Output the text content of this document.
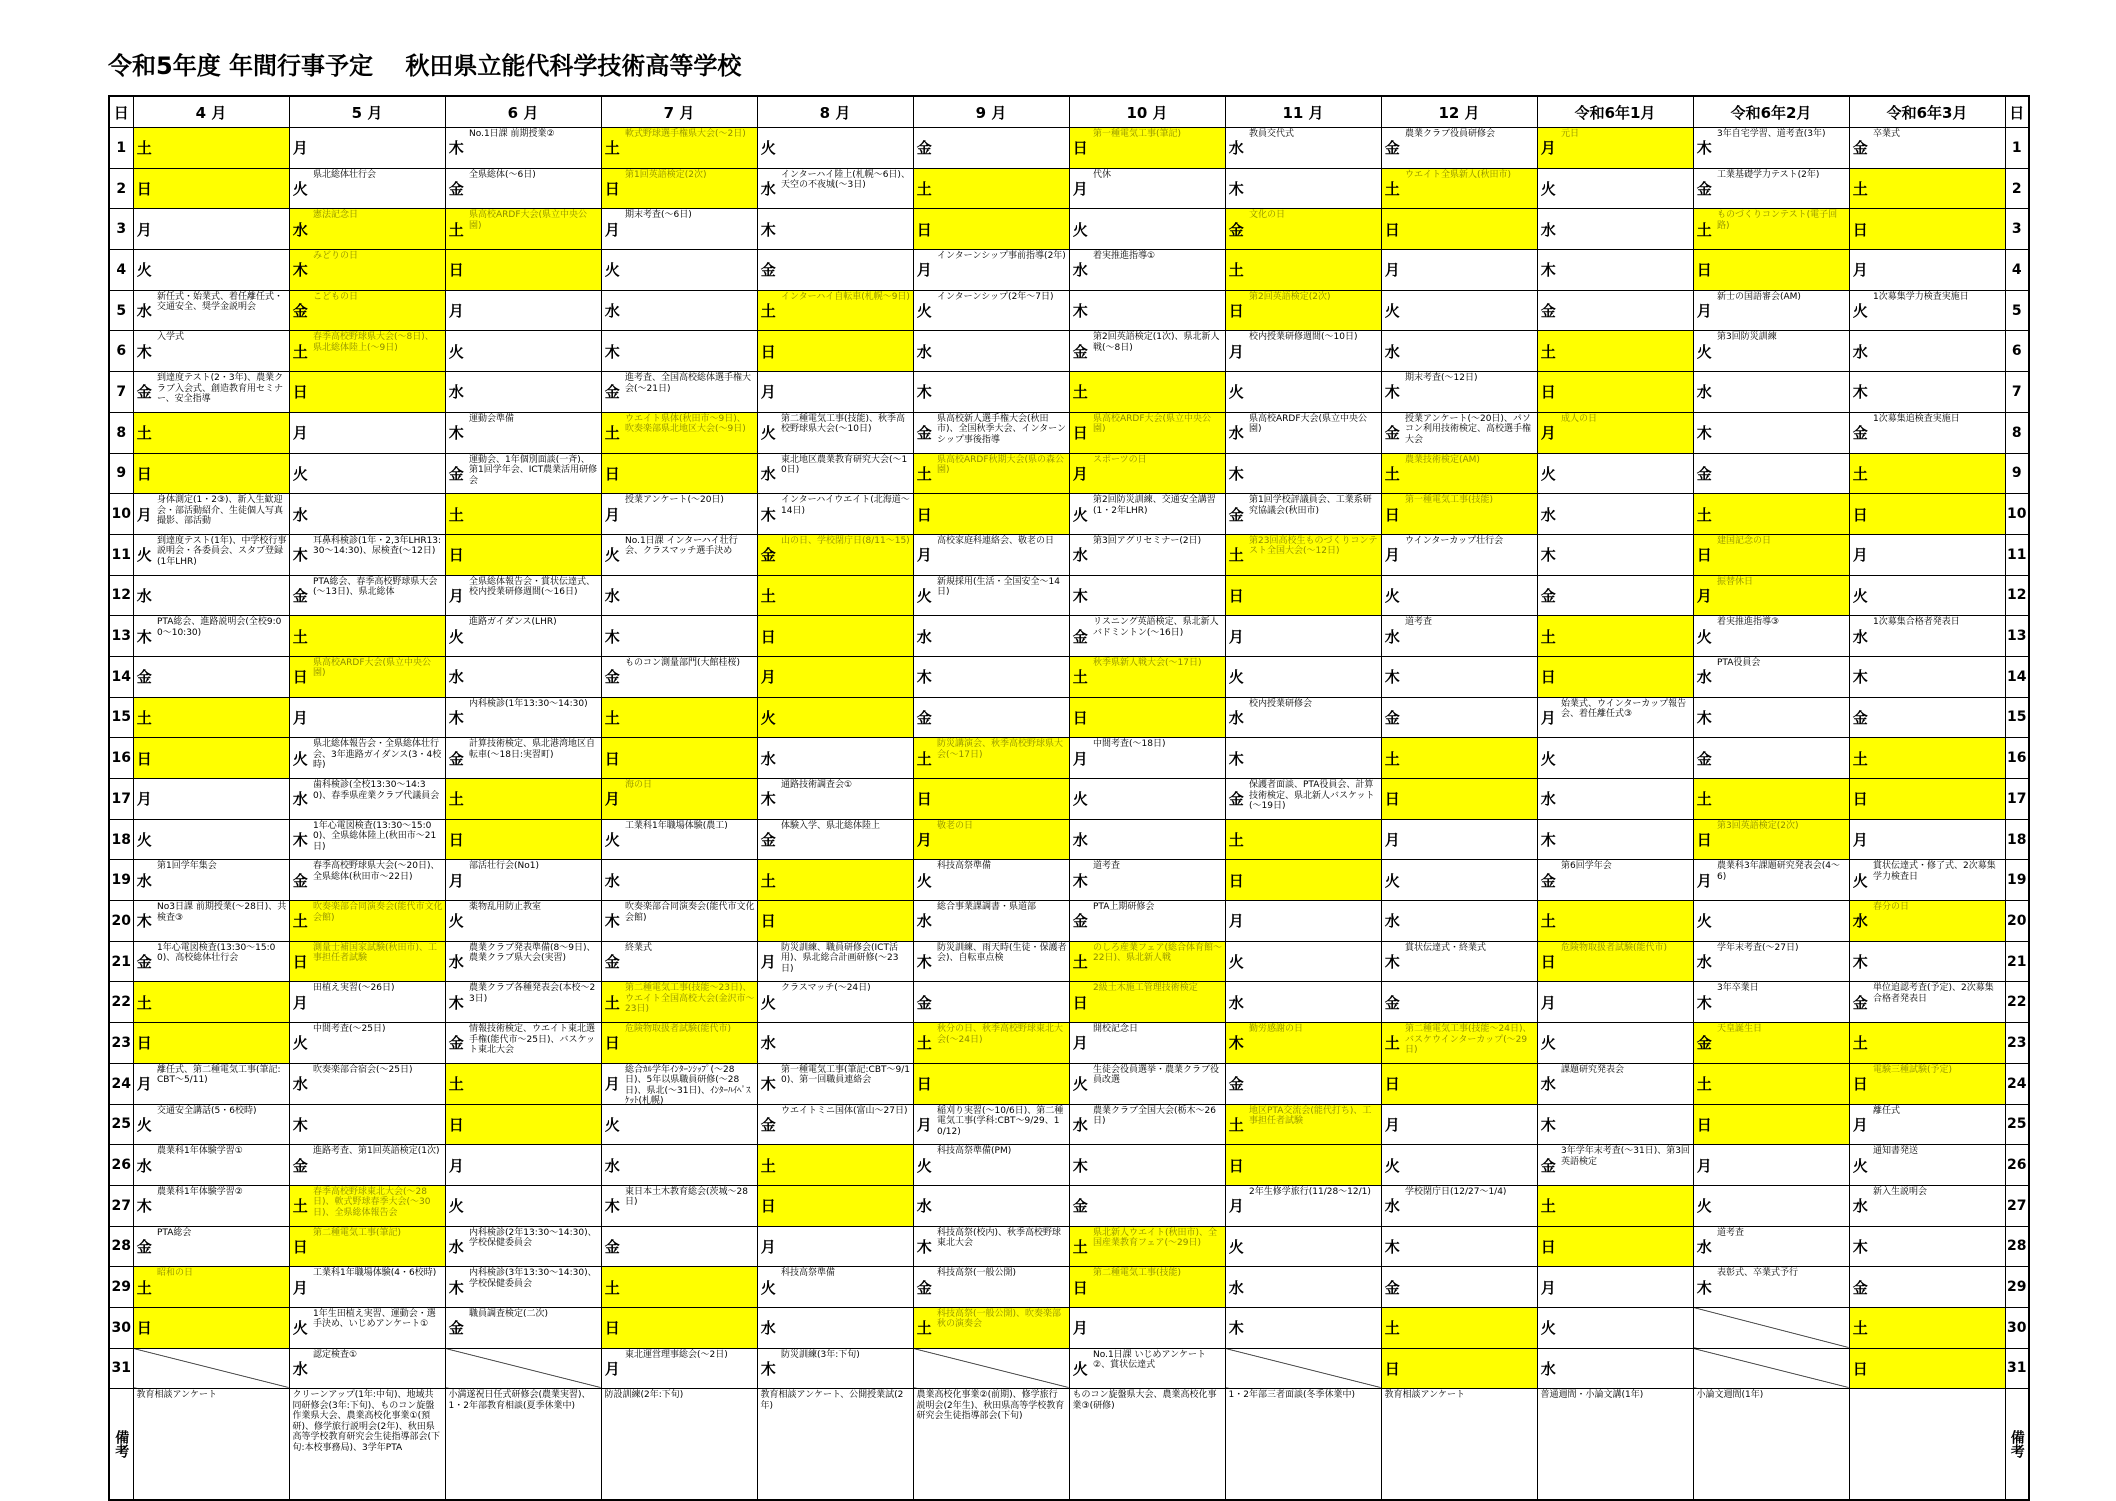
令和5年度 年間行事予定　 秋田県立能代科学技術高等学校
日	4 月		5 月		6 月		7 月		8 月		9 月		10 月		11 月		12 月		令和6年1月		令和6年2月		令和6年3月		日
1	土		月		木	No.1日課 前期授業②	土	軟式野球選手権県大会(～2日)	火		金		日	第一種電気工事(筆記)	水	教員交代式	金	農業クラブ役員研修会	月	元日	木	3年自宅学習、道考査(3年)	金	卒業式	1
2	日		火	県北総体壮行会	金	全県総体(～6日)	日	第1回英語検定(2次)	水	インターハイ陸上(札幌～6日)、天空の不夜城(～3日)	土		月	代休	木		土	ウエイト全県新人(秋田市)	火		金	工業基礎学力テスト(2年)	土		2
3	月		水	憲法記念日	土	県高校ARDF大会(県立中央公園)	月	期末考査(～6日)	木		日		火		金	文化の日	日		水		土	ものづくりコンテスト(電子回路)	日		3
4	火		木	みどりの日	日		火		金		月	インターンシップ事前指導(2年)	水	着実推進指導①	土		月		木		日		月		4
5	水	新任式・始業式、着任離任式・交通安全、奨学金説明会	金	こどもの日	月		水		土	インターハイ自転車(札幌～9日)	火	インターンシップ(2年～7日)	木		日	第2回英語検定(2次)	火		金		月	新士の国語審会(AM)	火	1次募集学力検査実施日	5
6	木	入学式	土	春季高校野球県大会(～8日)、県北総体陸上(～9日)	火		木		日		水		金	第2回英語検定(1次)、県北新人戦(～8日)	月	校内授業研修週間(～10日)	水		土		火	第3回防災訓練	水		6
7	金	到達度テスト(2・3年)、農業クラブ入会式、創造教育用セミナー、安全指導	日		水		金	進考査、全国高校総体選手権大会(～21日)	月		木		土		火		木	期末考査(～12日)	日		水		木		7
8	土		月		木	運動会準備	土	ウエイト県体(秋田市～9日)、吹奏楽部県北地区大会(～9日)	火	第二種電気工事(技能)、秋季高校野球県大会(～10日)	金	県高校新人選手権大会(秋田市)、全国秋季大会、インターンシップ事後指導	日	県高校ARDF大会(県立中央公園)	水	県高校ARDF大会(県立中央公園)	金	授業アンケート(～20日)、パソコン利用技術検定、高校選手権大会	月	成人の日	木		金	1次募集追検査実施日	8
9	日		火		金	運動会、1年個別面談(一斉)、第1回学年会、ICT農業活用研修会	日		水	東北地区農業教育研究大会(～10日)	土	県高校ARDF秋期大会(県の森公園)	月	スポーツの日	木		土	農業技術検定(AM)	火		金		土		9
10	月	身体測定(1・2③)、新入生歓迎会・部活動紹介、生徒個人写真撮影、部活動	水		土		月	授業アンケート(～20日)	木	インターハイウエイト(北海道～14日)	日		火	第2回防災訓練、交通安全講習(1・2年LHR)	金	第1回学校評議員会、工業系研究協議会(秋田市)	日	第一種電気工事(技能)	水		土		日		10
11	火	到達度テスト(1年)、中学校行事説明会・各委員会、スタブ登録(1年LHR)	木	耳鼻科検診(1年・2,3年LHR13:30～14:30)、尿検査(～12日)	日		火	No.1日課 インターハイ壮行会、クラスマッチ選手決め	金	山の日、学校閉庁日(8/11～15)	月	高校家庭科連絡会、敬老の日	水	第3回アグリセミナー(2日)	土	第23回高校生ものづくりコンテスト全国大会(～12日)	月	ウインターカップ壮行会	木		日	建国記念の日	月		11
12	水		金	PTA総会、春季高校野球県大会(～13日)、県北総体	月	全県総体報告会・賞状伝達式、校内授業研修週間(～16日)	水		土		火	新規採用(生活・全国安全～14日)	木		日		火		金		月	振替休日	火		12
13	木	PTA総会、進路説明会(全校9:00～10:30)	土		火	進路ガイダンス(LHR)	木		日		水		金	リスニング英語検定、県北新人バドミントン(～16日)	月		水	道考査	土		火	着実推進指導③	水	1次募集合格者発表日	13
14	金		日	県高校ARDF大会(県立中央公園)	水		金	ものコン測量部門(大館桂桜)	月		木		土	秋季県新人戦大会(～17日)	火		木		日		水	PTA役員会	木		14
15	土		月		木	内科検診(1年13:30～14:30)	土		火		金		日		水	校内授業研修会	金		月	始業式、ウインターカップ報告会、着任離任式③	木		金		15
16	日		火	県北総体報告会・全県総体壮行会、3年進路ガイダンス(3・4校時)	金	計算技術検定、県北港湾地区自転車(～18日:実習町)	日		水		土	防災講演会、秋季高校野球県大会(～17日)	月	中間考査(～18日)	木		土		火		金		土		16
17	月		水	歯科検診(全校13:30～14:30)、春季県産業クラブ代議員会	土		月	海の日	木	通路技術調査会①	日		火		金	保護者面談、PTA役員会、計算技術検定、県北新人バスケット(～19日)	日		水		土		日		17
18	火		木	1年心電図検査(13:30～15:00)、全県総体陸上(秋田市～21日)	日		火	工業科1年職場体験(農工)	金	体験入学、県北総体陸上	月	敬老の日	水		土		月		木		日	第3回英語検定(2次)	月		18
19	水	第1回学年集会	金	春季高校野球県大会(～20日)、全県総体(秋田市～22日)	月	部活壮行会(No1)	水		土		火	科技高祭準備	木	道考査	日		火		金	第6回学年会	月	農業科3年課題研究発表会(4～6)	火	賞状伝達式・修了式、2次募集学力検査日	19
20	木	No3日課 前期授業(～28日)、共検査③	土	吹奏楽部合同演奏会(能代市文化会館)	火	薬物乱用防止教室	木	吹奏楽部合同演奏会(能代市文化会館)	日		水	総合事業課調書・県道部	金	PTA上期研修会	月		水		土		火		水	春分の日	20
21	金	1年心電図検査(13:30～15:00)、高校総体壮行会	日	測量士補国家試験(秋田市)、工事担任者試験	水	農業クラブ発表準備(8～9日)、農業クラブ県大会(実習)	金	終業式	月	防災訓練、職員研修会(ICT活用)、県北総合計画研修(～23日)	木	防災訓練、雨天時(生徒・保護者会)、自転車点検	土	のしろ産業フェア(総合体育館～22日)、県北新人戦	火		木	賞状伝達式・終業式	日	危険物取扱者試験(能代市)	水	学年末考査(～27日)	木		21
22	土		月	田植え実習(～26日)	木	農業クラブ各種発表会(本校～23日)	土	第二種電気工事(技能～23日)、ウエイト全国高校大会(金沢市～23日)	火	クラスマッチ(～24日)	金		日	2級土木施工管理技術検定	水		金		月		木	3年卒業日	金	単位追認考査(予定)、2次募集合格者発表日	22
23	日		火	中間考査(～25日)	金	情報技術検定、ウエイト東北選手権(能代市～25日)、バスケット東北大会	日	危険物取扱者試験(能代市)	水		土	秋分の日、秋季高校野球東北大会(～24日)	月	開校記念日	木	勤労感謝の日	土	第二種電気工事(技能～24日)、バスケウインターカップ(～29日)	火		金	天皇誕生日	土		23
24	月	離任式、第二種電気工事(筆記:CBT～5/11)	水	吹奏楽部合宿会(～25日)	土		月	総合ｶﾙ学年ｲﾝﾀｰﾝｼｯﾌﾟ(～28日)、5年以県職員研修(～28日)、県北(～31日)、ｲﾝﾀｰﾊｲﾍﾟｽｹｯﾄ(札幌)	木	第一種電気工事(筆記:CBT～9/10)、第一回職員連絡会	日		火	生徒会役員選挙・農業クラブ役員改選	金		日		水	課題研究発表会	土		日	電験三種試験(予定)	24
25	火	交通安全講話(5・6校時)	木		日		火		金	ウエイトミニ国体(富山～27日)	月	稲刈り実習(～10/6日)、第二種電気工事(学科:CBT～9/29、10/12)	水	農業クラブ全国大会(栃木～26日)	土	地区PTA交流会(能代打ち)、工事担任者試験	月		木		日		月	離任式	25
26	水	農業科1年体験学習①	金	進路考査、第1回英語検定(1次)	月		水		土		火	科技高祭準備(PM)	木		日		火		金	3年学年末考査(～31日)、第3回英語検定	月		火	通知書発送	26
27	木	農業科1年体験学習②	土	春季高校野球東北大会(～28日)、軟式野球春季大会(～30日)、全県総体報告会	火		木	東日本土木教育総会(茨城～28日)	日		水		金		月	2年生修学旅行(11/28～12/1)	水	学校閉庁日(12/27～1/4)	土		火		水	新入生説明会	27
28	金	PTA総会	日	第二種電気工事(筆記)	水	内科検診(2年13:30～14:30)、学校保健委員会	金		月		木	科技高祭(校内)、秋季高校野球東北大会	土	県北新人ウエイト(秋田市)、全国産業教育フェア(～29日)	火		木		日		水	道考査	木		28
29	土	昭和の日	月	工業科1年職場体験(4・6校時)	木	内科検診(3年13:30～14:30)、学校保健委員会	土		火	科技高祭準備	金	科技高祭(一般公開)	日	第二種電気工事(技能)	水		金		月		木	表彰式、卒業式予行	金		29
30	日		火	1年生田植え実習、運動会・選手決め、いじめアンケート①	金	職員調査検定(二次)	日		水		土	科技高祭(一般公開)、吹奏楽部秋の演奏会	月		木		土		火				土		30
31			水	認定検査①			月	東北運営理事総会(～2日)	木	防災訓練(3年:下旬)			火	No.1日課 いじめアンケート②、賞状伝達式			日		水				日		31
備考	教育相談アンケート		クリーンアップ(1年:中旬)、地域共同研修会(3年:下旬)、ものコン旋盤作業県大会、農業高校化事業①(預研)、修学旅行説明会(2年)、秋田県高等学校教育研究会生徒指導部会(下旬:本校事務局)、3学年PTA		小満遂祝日任式研修会(農業実習)、1・2年部教育相談(夏季休業中)		防設訓練(2年:下旬)		教育相談アンケート、公開授業試(2年)		農業高校化事業②(前期)、修学旅行説明会(2年生)、秋田県高等学校教育研究会生徒指導部会(下旬)		ものコン旋盤県大会、農業高校化事業③(研修)		1・2年部三者面談(冬季休業中)		教育相談アンケート		普通週間・小論文講(1年)		小論文週間(1年)				備考
